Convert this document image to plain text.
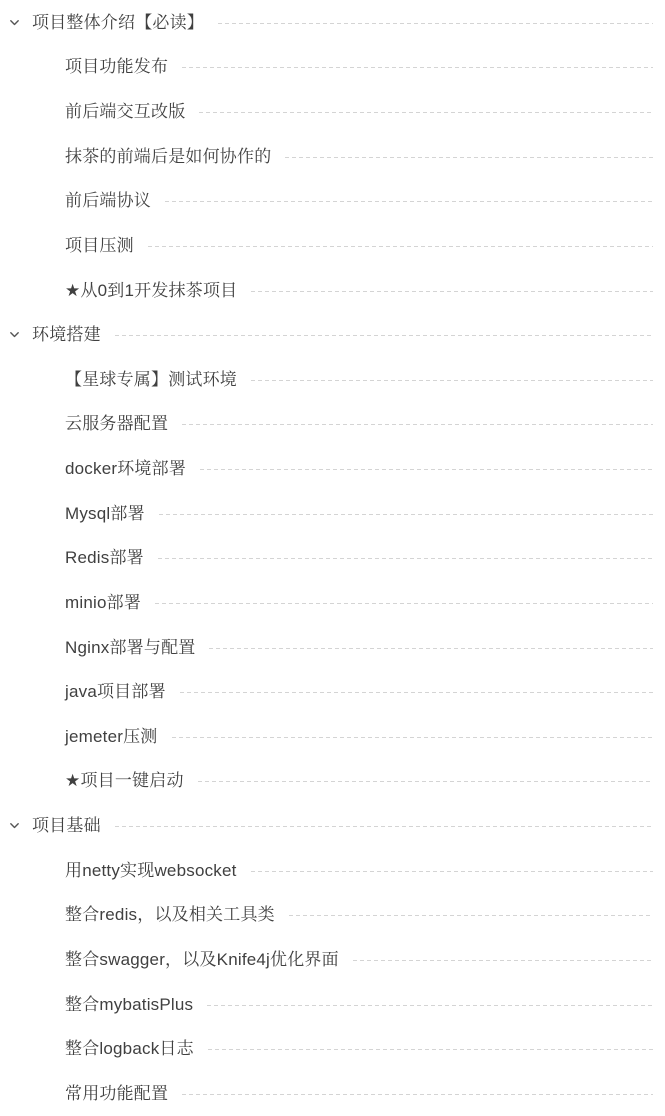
项目整体介绍【必读】
项目功能发布
前后端交互改版
抹茶的前端后是如何协作的
前后端协议
项目压测
★从0到1开发抹茶项目
环境搭建
【星球专属】测试环境
云服务器配置
docker环境部署
Mysql部署
Redis部署
minio部署
Nginx部署与配置
java项目部署
jemeter压测
★项目一键启动
项目基础
用netty实现websocket
整合redis，以及相关工具类
整合swagger，以及Knife4j优化界面
整合mybatisPlus
整合logback日志
常用功能配置
